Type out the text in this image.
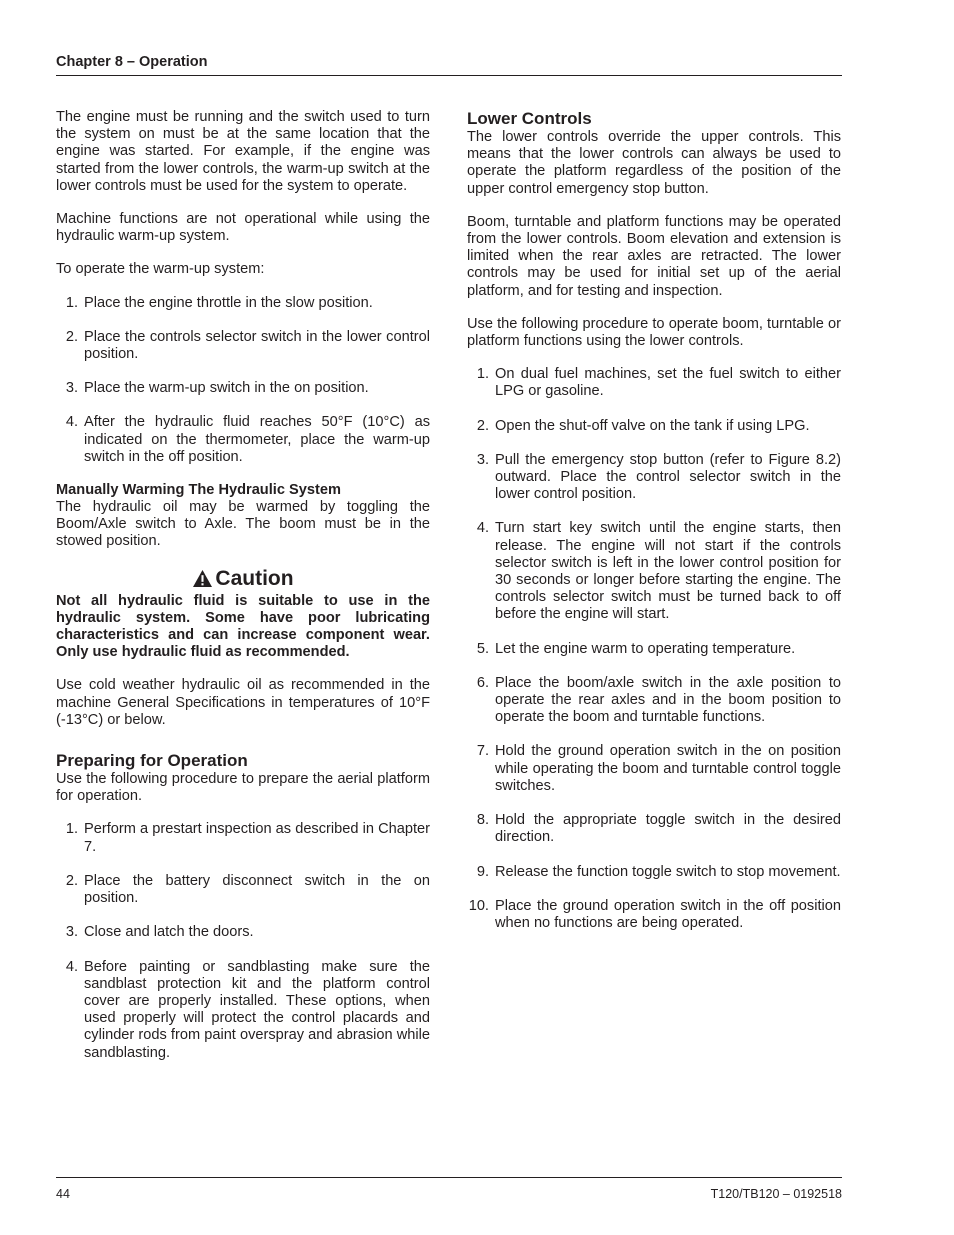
Chapter 8 – Operation

The engine must be running and the switch used to turn the system on must be at the same location that the engine was started. For example, if the engine was started from the lower controls, the warm-up switch at the lower controls must be used for the system to operate.

Machine functions are not operational while using the hydraulic warm-up system.

To operate the warm-up system:

1. Place the engine throttle in the slow position.
2. Place the controls selector switch in the lower control position.
3. Place the warm-up switch in the on position.
4. After the hydraulic fluid reaches 50°F (10°C) as indicated on the thermometer, place the warm-up switch in the off position.
Manually Warming The Hydraulic System

The hydraulic oil may be warmed by toggling the Boom/Axle switch to Axle. The boom must be in the stowed position.

Caution

Not all hydraulic fluid is suitable to use in the hydraulic system. Some have poor lubricating characteristics and can increase component wear. Only use hydraulic fluid as recommended.

Use cold weather hydraulic oil as recommended in the machine General Specifications in temperatures of 10°F (-13°C) or below.

Preparing for Operation

Use the following procedure to prepare the aerial platform for operation.

1. Perform a prestart inspection as described in Chapter 7.
2. Place the battery disconnect switch in the on position.
3. Close and latch the doors.
4. Before painting or sandblasting make sure the sandblast protection kit and the platform control cover are properly installed. These options, when used properly will protect the control placards and cylinder rods from paint overspray and abrasion while sandblasting.
Lower Controls

The lower controls override the upper controls. This means that the lower controls can always be used to operate the platform regardless of the position of the upper control emergency stop button.

Boom, turntable and platform functions may be operated from the lower controls. Boom elevation and extension is limited when the rear axles are retracted. The lower controls may be used for initial set up of the aerial platform, and for testing and inspection.

Use the following procedure to operate boom, turntable or platform functions using the lower controls.

1. On dual fuel machines, set the fuel switch to either LPG or gasoline.
2. Open the shut-off valve on the tank if using LPG.
3. Pull the emergency stop button (refer to Figure 8.2) outward. Place the control selector switch in the lower control position.
4. Turn start key switch until the engine starts, then release. The engine will not start if the controls selector switch is left in the lower control position for 30 seconds or longer before starting the engine. The controls selector switch must be turned back to off before the engine will start.
5. Let the engine warm to operating temperature.
6. Place the boom/axle switch in the axle position to operate the rear axles and in the boom position to operate the boom and turntable functions.
7. Hold the ground operation switch in the on position while operating the boom and turntable control toggle switches.
8. Hold the appropriate toggle switch in the desired direction.
9. Release the function toggle switch to stop movement.
10. Place the ground operation switch in the off position when no functions are being operated.
44	T120/TB120 – 0192518
